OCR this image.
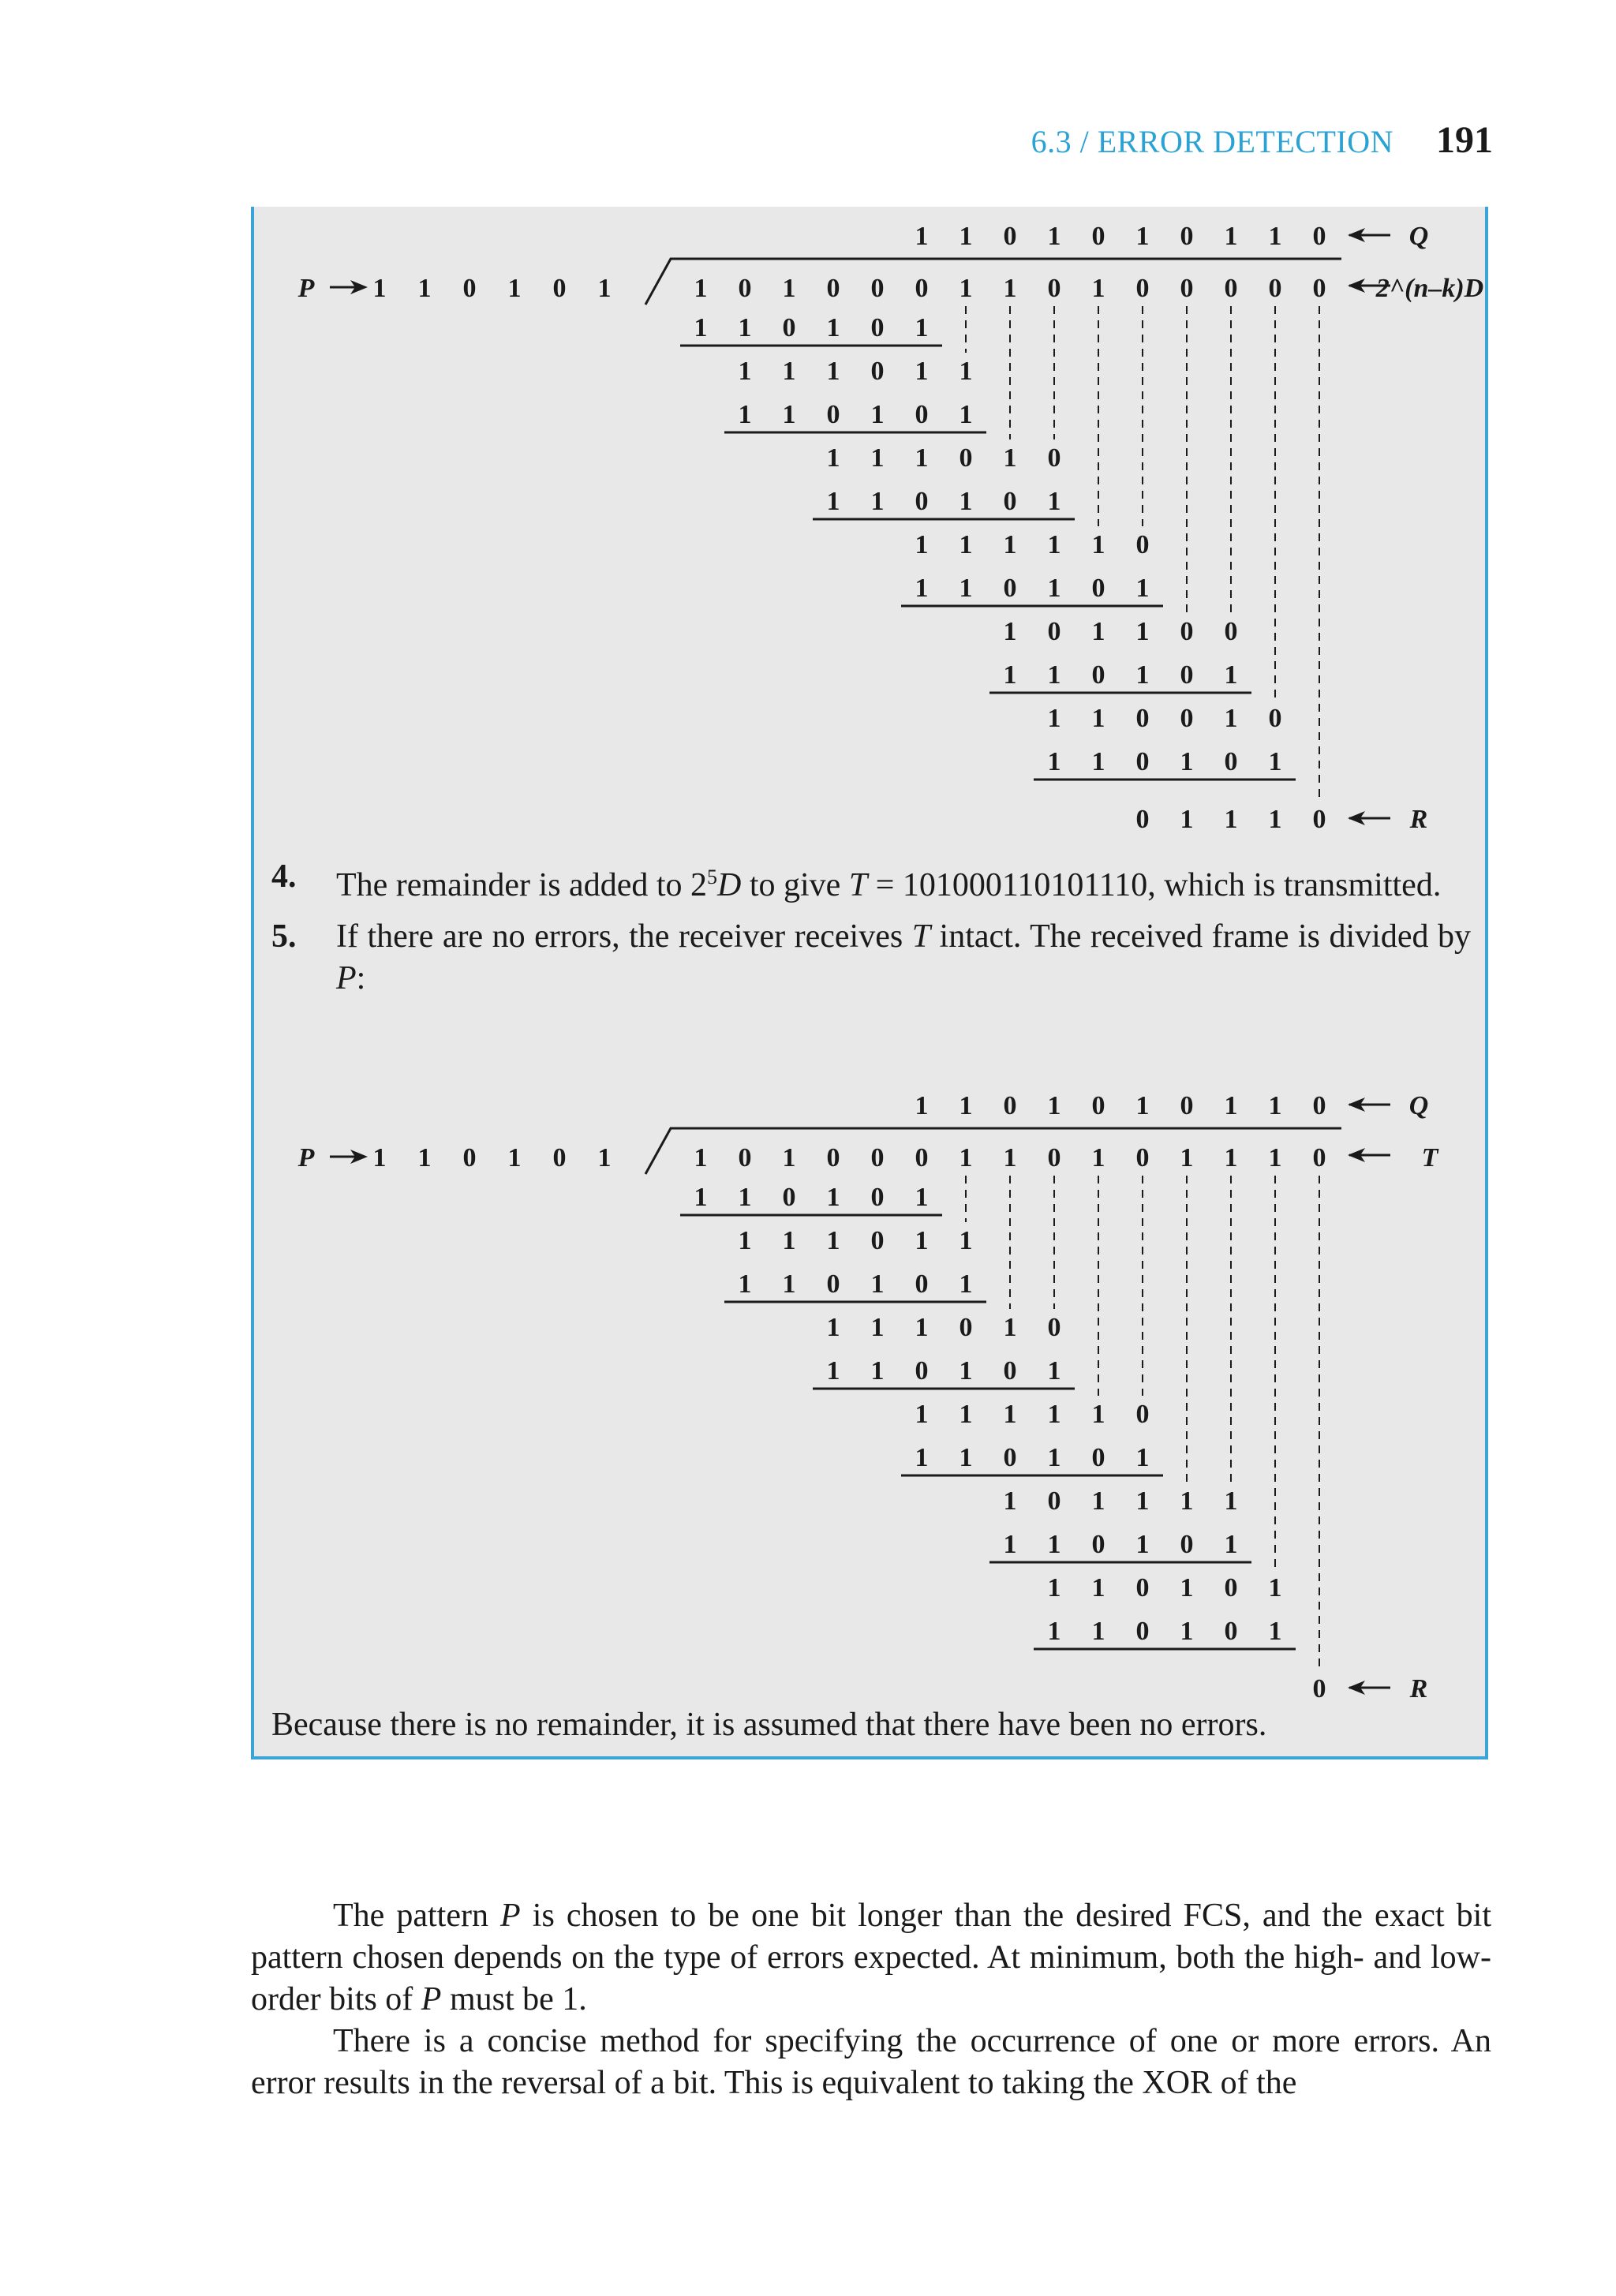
6.3 / ERROR DETECTION 191
1 1 0 1 0 1 0 1 1 0	Q
P 1 1 0 1 0 1	1 0 1 0 0 0 1 1 0 1 0 0 0 0 0 2^(n–k)D
1 1 0 1 0 1
1 1 1 0 1 1
1 1 0 1 0 1
1 1 1 0 1 0
1 1 0 1 0 1
1 1 1 1 1 0
1 1 0 1 0 1
1 0 1 1 0 0
1 1 0 1 0 1
1 1 0 0 1 0
1 1 0 1 0 1
0 1 1 1 0	R
4.	The remainder is added to $2^5D$ to give T = 101000110101110, which is transmitted.
5.	If there are no errors, the receiver receives T intact. The received frame is divided by P:
1 1 0 1 0 1 0 1 1 0	Q
P 1 1 0 1 0 1	1 0 1 0 0 0 1 1 0 1 0 1 1 1 0	T
1 1 0 1 0 1
1 1 1 0 1 1
1 1 0 1 0 1
1 1 1 0 1 0
1 1 0 1 0 1
1 1 1 1 1 0
1 1 0 1 0 1
1 0 1 1 1 1
1 1 0 1 0 1
1 1 0 1 0 1
1 1 0 1 0 1
0	R
Because there is no remainder, it is assumed that there have been no errors.

The pattern P is chosen to be one bit longer than the desired FCS, and the exact bit pattern chosen depends on the type of errors expected. At minimum, both the high- and low-order bits of P must be 1.

There is a concise method for specifying the occurrence of one or more errors. An error results in the reversal of a bit. This is equivalent to taking the XOR of the
